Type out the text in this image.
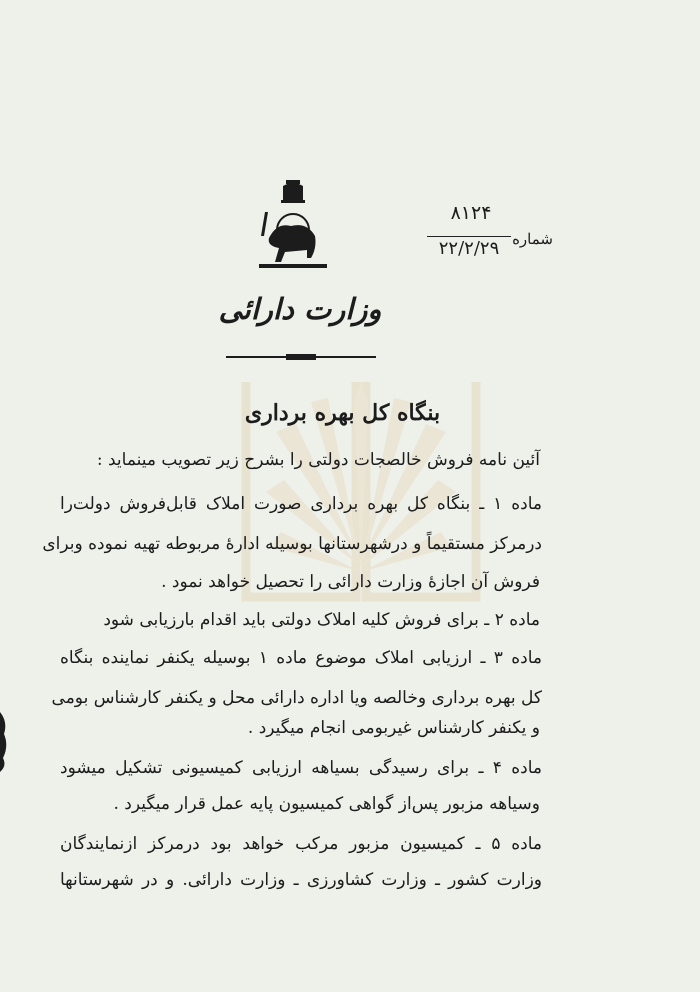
۸۱۲۴
شماره
۲۲/۲/۲۹
وزارت دارائی
بنگاه کل بهره برداری
آئین نامه فروش خالصجات دولتی را بشرح زیر تصویب مینماید :
ماده ۱ ـ بنگاه کل بهره برداری صورت املاک قابل‌فروش دولت‌را
درمرکز مستقیماً و درشهرستانها بوسیله ادارهٔ مربوطه تهیه نموده وبرای
فروش آن اجازهٔ وزارت دارائی را تحصیل خواهد نمود .
ماده ۲ ـ برای فروش کلیه املاک دولتی باید اقدام بارزیابی شود
ماده ۳ ـ ارزیابی املاک موضوع ماده ۱ بوسیله یکنفر نماینده بنگاه
کل بهره برداری وخالصه ویا اداره دارائی محل و یکنفر کارشناس بومی
و یکنفر کارشناس غیربومی انجام میگیرد .
ماده ۴ ـ برای رسیدگی بسیاهه ارزیابی کمیسیونی تشکیل میشود
وسیاهه مزبور پس‌از گواهی کمیسیون پایه عمل قرار میگیرد .
ماده ۵ ـ کمیسیون مزبور مرکب خواهد بود درمرکز ازنمایندگان
وزارت کشور ـ وزارت کشاورزی ـ وزارت دارائی. و در شهرستانها
